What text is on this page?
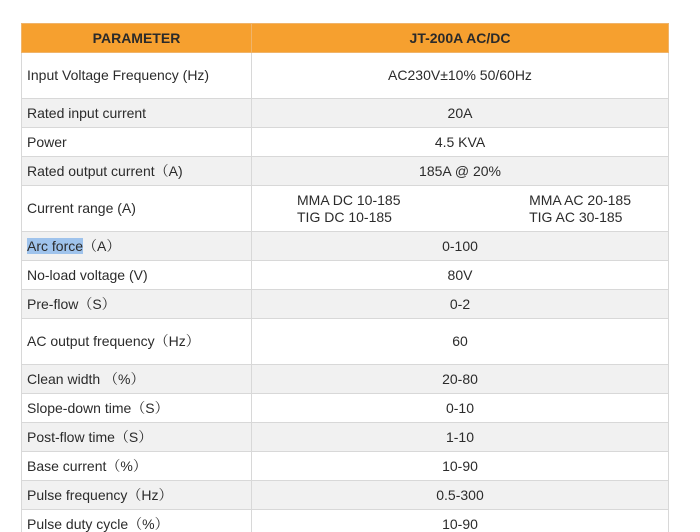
PARAMETER	JT-200A AC/DC
Input Voltage Frequency (Hz)	AC230V±10% 50/60Hz
Rated input current	20A
Power	4.5 KVA
Rated output current（A)	185A @ 20%
Current range (A)	MMA DC 10-185
TIG DC 10-185
MMA AC 20-185
TIG AC 30-185

Arc force（A）	0-100
No-load voltage (V)	80V
Pre-flow（S）	0-2
AC output frequency（Hz）	60
Clean width （%）	20-80
Slope-down time（S）	0-10
Post-flow time（S）	1-10
Base current（%）	10-90
Pulse frequency（Hz）	0.5-300
Pulse duty cycle（%）	10-90
